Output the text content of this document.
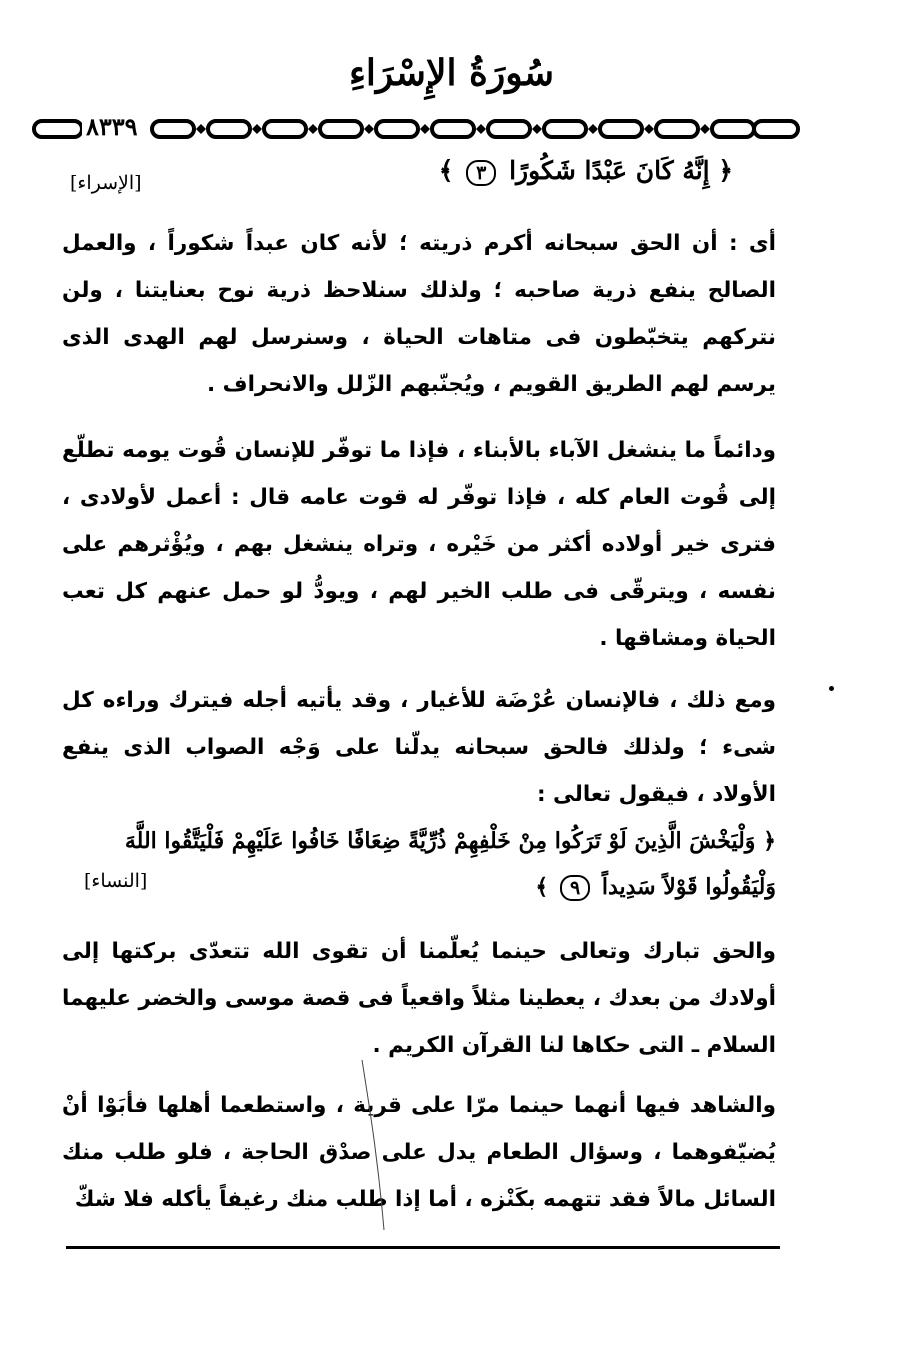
سُورَةُ الإِسْرَاءِ
٨٣٣٩
﴿ إِنَّهُ كَانَ عَبْدًا شَكُورًا ٣ ﴾
[الإسراء]

أى : أن الحق سبحانه أكرم ذريته ؛ لأنه كان عبداً شكوراً ، والعمل الصالح ينفع ذرية صاحبه ؛ ولذلك سنلاحظ ذرية نوح بعنايتنا ، ولن نتركهم يتخبّطون فى متاهات الحياة ، وسنرسل لهم الهدى الذى يرسم لهم الطريق القويم ، ويُجنّبهم الزّلل والانحراف .

ودائماً ما ينشغل الآباء بالأبناء ، فإذا ما توفّر للإنسان قُوت يومه تطلّع إلى قُوت العام كله ، فإذا توفّر له قوت عامه قال : أعمل لأولادى ، فترى خير أولاده أكثر من خَيْره ، وتراه ينشغل بهم ، ويُؤْثرهم على نفسه ، ويترقّى فى طلب الخير لهم ، ويودُّ لو حمل عنهم كل تعب الحياة ومشاقها .

ومع ذلك ، فالإنسان عُرْضَة للأغيار ، وقد يأتيه أجله فيترك وراءه كل شىء ؛ ولذلك فالحق سبحانه يدلّنا على وَجْه الصواب الذى ينفع الأولاد ، فيقول تعالى :

﴿ وَلْيَخْشَ الَّذِينَ لَوْ تَرَكُوا مِنْ خَلْفِهِمْ ذُرِّيَّةً ضِعَافًا خَافُوا عَلَيْهِمْ فَلْيَتَّقُوا اللَّهَ
وَلْيَقُولُوا قَوْلاً سَدِيداً ٩ ﴾
[النساء]

والحق تبارك وتعالى حينما يُعلّمنا أن تقوى الله تتعدّى بركتها إلى أولادك من بعدك ، يعطينا مثلاً واقعياً فى قصة موسى والخضر عليهما السلام ـ التى حكاها لنا القرآن الكريم .

والشاهد فيها أنهما حينما مرّا على قرية ، واستطعما أهلها فأبَوْا أنْ يُضيّفوهما ، وسؤال الطعام يدل على صدْق الحاجة ، فلو طلب منك السائل مالاً فقد تتهمه بكَنْزه ، أما إذا طلب منك رغيفاً يأكله فلا شكّ
